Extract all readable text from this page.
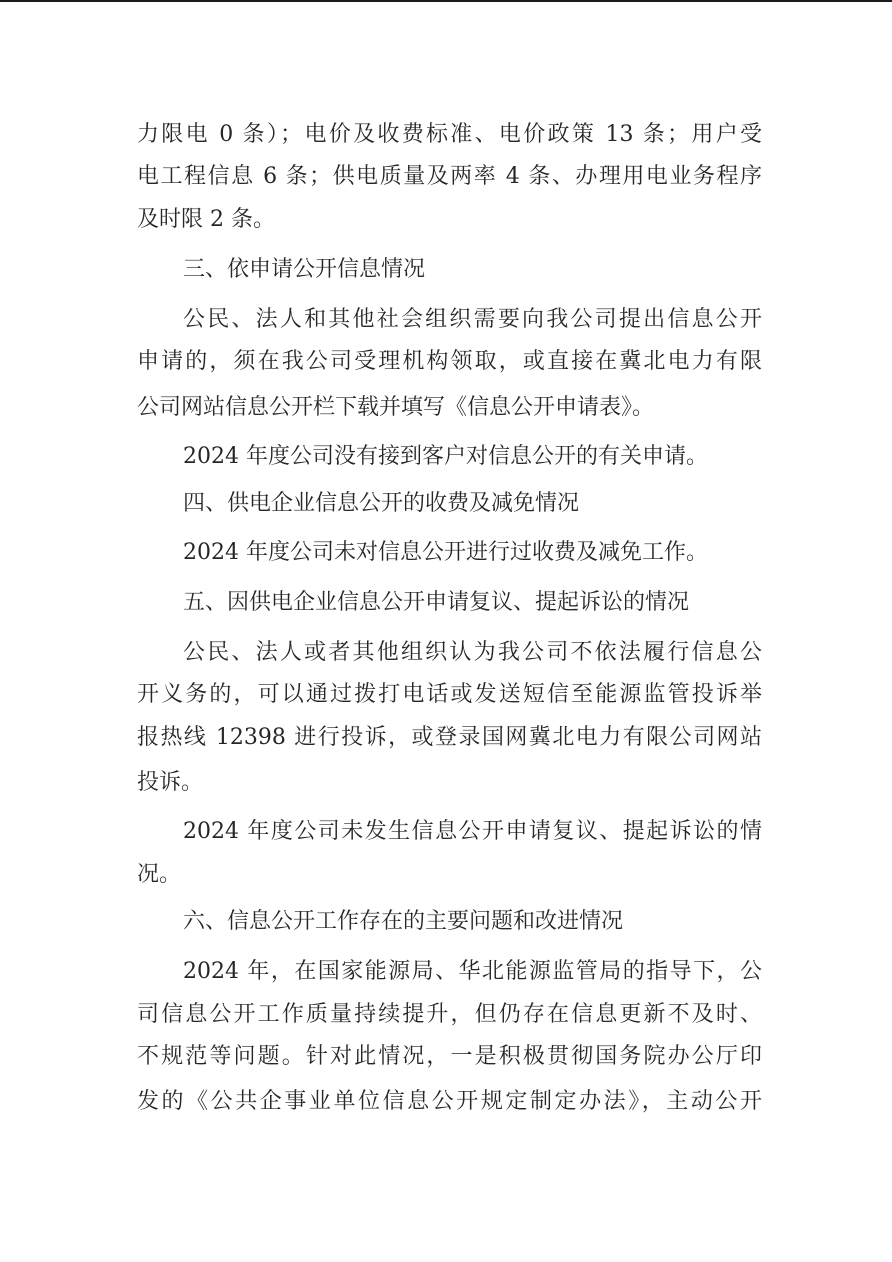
力限电 0 条）；电价及收费标准、电价政策 13 条；用户受
电工程信息 6 条；供电质量及两率 4 条、办理用电业务程序
及时限 2 条。
三、依申请公开信息情况
公民、法人和其他社会组织需要向我公司提出信息公开
申请的，须在我公司受理机构领取，或直接在冀北电力有限
公司网站信息公开栏下载并填写《信息公开申请表》。
2024 年度公司没有接到客户对信息公开的有关申请。
四、供电企业信息公开的收费及减免情况
2024 年度公司未对信息公开进行过收费及减免工作。
五、因供电企业信息公开申请复议、提起诉讼的情况
公民、法人或者其他组织认为我公司不依法履行信息公
开义务的，可以通过拨打电话或发送短信至能源监管投诉举
报热线 12398 进行投诉，或登录国网冀北电力有限公司网站
投诉。
2024 年度公司未发生信息公开申请复议、提起诉讼的情
况。
六、信息公开工作存在的主要问题和改进情况
2024 年，在国家能源局、华北能源监管局的指导下，公
司信息公开工作质量持续提升，但仍存在信息更新不及时、
不规范等问题。针对此情况，一是积极贯彻国务院办公厅印
发的《公共企事业单位信息公开规定制定办法》，主动公开
